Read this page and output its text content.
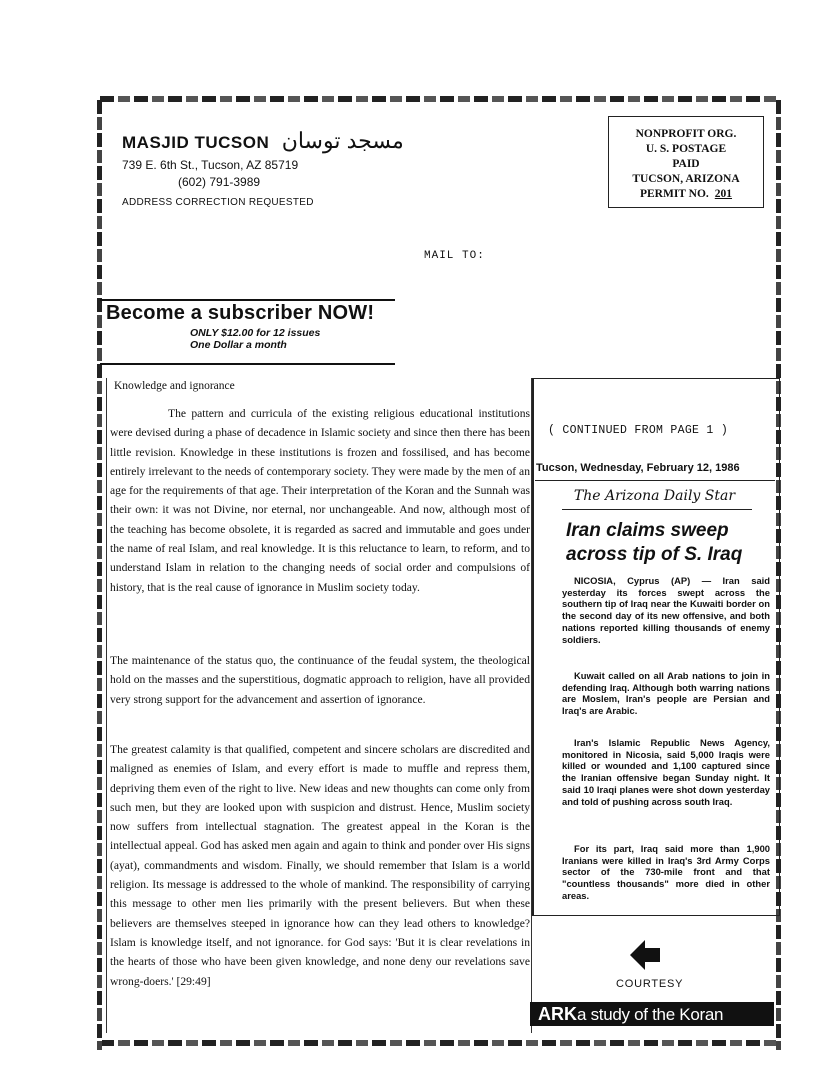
MASJID TUCSON مسجد توسان
739 E. 6th St., Tucson, AZ 85719
(602) 791-3989
ADDRESS CORRECTION REQUESTED
NONPROFIT ORG.
U. S. POSTAGE
PAID
TUCSON, ARIZONA
PERMIT NO. 201
MAIL TO:
Become a subscriber NOW!
ONLY $12.00 for 12 issues
One Dollar a month
Knowledge and ignorance
The pattern and curricula of the existing religious educational institutions were devised during a phase of decadence in Islamic society and since then there has been little revision. Knowledge in these institutions is frozen and fossilised, and has become entirely irrelevant to the needs of contemporary society. They were made by the men of an age for the requirements of that age. Their interpretation of the Koran and the Sunnah was their own: it was not Divine, nor eternal, nor unchangeable. And now, although most of the teaching has become obsolete, it is regarded as sacred and immutable and goes under the name of real Islam, and real knowledge. It is this reluctance to learn, to reform, and to understand Islam in relation to the changing needs of social order and compulsions of history, that is the real cause of ignorance in Muslim society today.
The maintenance of the status quo, the continuance of the feudal system, the theological hold on the masses and the superstitious, dogmatic approach to religion, have all provided very strong support for the advancement and assertion of ignorance.
The greatest calamity is that qualified, competent and sincere scholars are discredited and maligned as enemies of Islam, and every effort is made to muffle and repress them, depriving them even of the right to live. New ideas and new thoughts can come only from such men, but they are looked upon with suspicion and distrust. Hence, Muslim society now suffers from intellectual stagnation. The greatest appeal in the Koran is the intellectual appeal. God has asked men again and again to think and ponder over His signs (ayat), commandments and wisdom. Finally, we should remember that Islam is a world religion. Its message is addressed to the whole of mankind. The responsibility of carrying this message to other men lies primarily with the present believers. But when these believers are themselves steeped in ignorance how can they lead others to knowledge? Islam is knowledge itself, and not ignorance. for God says: 'But it is clear revelations in the hearts of those who have been given knowledge, and none deny our revelations save wrong-doers.' [29:49]
( CONTINUED FROM PAGE 1 )
Tucson, Wednesday, February 12, 1986
The Arizona Daily Star
Iran claims sweep
across tip of S. Iraq
NICOSIA, Cyprus (AP) — Iran said yesterday its forces swept across the southern tip of Iraq near the Kuwaiti border on the second day of its new offensive, and both nations reported killing thousands of enemy soldiers.
Kuwait called on all Arab nations to join in defending Iraq. Although both warring nations are Moslem, Iran's people are Persian and Iraq's are Arabic.
Iran's Islamic Republic News Agency, monitored in Nicosia, said 5,000 Iraqis were killed or wounded and 1,100 captured since the Iranian offensive began Sunday night. It said 10 Iraqi planes were shot down yesterday and told of pushing across south Iraq.
For its part, Iraq said more than 1,900 Iranians were killed in Iraq's 3rd Army Corps sector of the 730-mile front and that "countless thousands" more died in other areas.
COURTESY
ARKa study of the Koran
